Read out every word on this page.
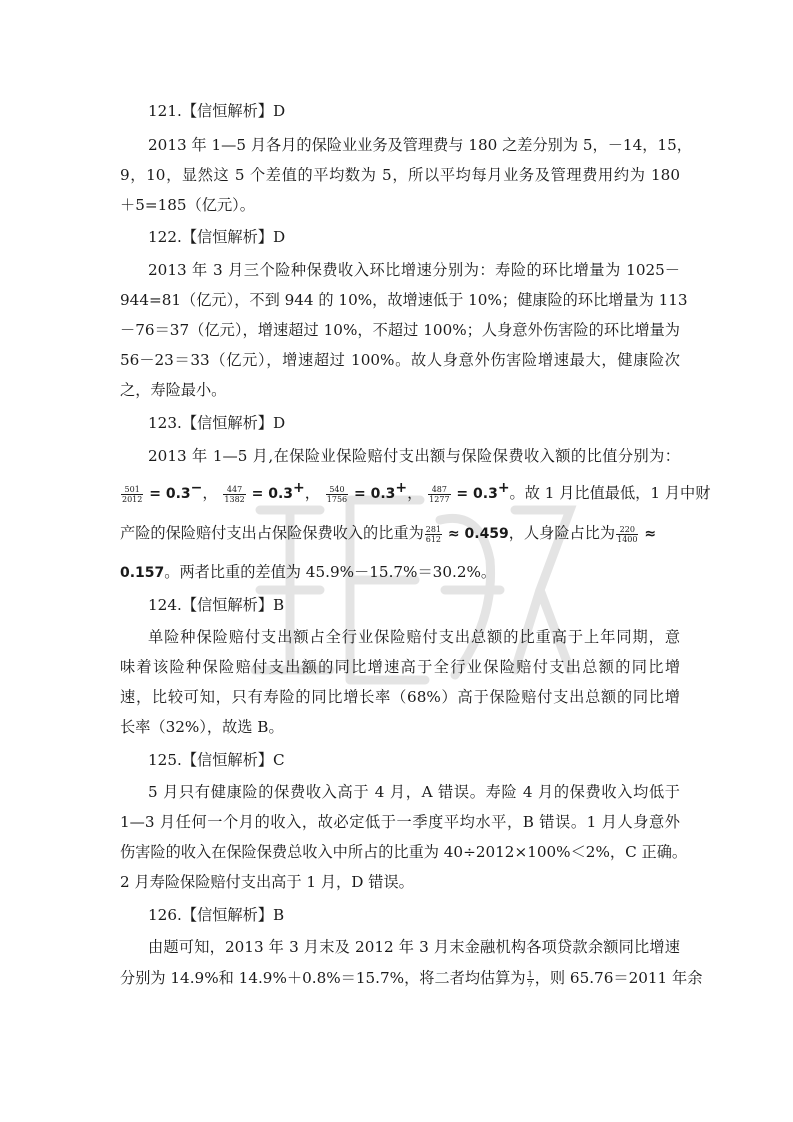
121.【信恒解析】D
2013 年 1—5 月各月的保险业业务及管理费与 180 之差分别为 5，－14，15，
9，10，显然这 5 个差值的平均数为 5，所以平均每月业务及管理费用约为 180
＋5=185（亿元）。
122.【信恒解析】D
2013 年 3 月三个险种保费收入环比增速分别为：寿险的环比增量为 1025－
944=81（亿元），不到 944 的 10%，故增速低于 10%；健康险的环比增量为 113
－76＝37（亿元），增速超过 10%，不超过 100%；人身意外伤害险的环比增量为
56－23＝33（亿元），增速超过 100%。故人身意外伤害险增速最大，健康险次
之，寿险最小。
123.【信恒解析】D
2013 年 1—5 月,在保险业保险赔付支出额与保险保费收入额的比值分别为：
$\frac{501}{2012} = 0.3^-$， $\frac{447}{1382} = 0.3^+$， $\frac{540}{1756} = 0.3^+$， $\frac{487}{1277} = 0.3^+$。故 1 月比值最低，1 月中财
产险的保险赔付支出占保险保费收入的比重为 $\frac{281}{612} \approx 0.459$，人身险占比为 $\frac{220}{1400}$ ≈
0.157。两者比重的差值为 45.9%－15.7%＝30.2%。
124.【信恒解析】B
单险种保险赔付支出额占全行业保险赔付支出总额的比重高于上年同期，意
味着该险种保险赔付支出额的同比增速高于全行业保险赔付支出总额的同比增
速，比较可知，只有寿险的同比增长率（68%）高于保险赔付支出总额的同比增
长率（32%），故选 B。
125.【信恒解析】C
5 月只有健康险的保费收入高于 4 月，A 错误。寿险 4 月的保费收入均低于
1—3 月任何一个月的收入，故必定低于一季度平均水平，B 错误。1 月人身意外
伤害险的收入在保险保费总收入中所占的比重为 40÷2012×100%＜2%，C 正确。
2 月寿险保险赔付支出高于 1 月，D 错误。
126.【信恒解析】B
由题可知，2013 年 3 月末及 2012 年 3 月末金融机构各项贷款余额同比增速
分别为 14.9%和 14.9%＋0.8%＝15.7%，将二者均估算为 $\frac{1}{7}$ ，则 65.76＝2011 年余
